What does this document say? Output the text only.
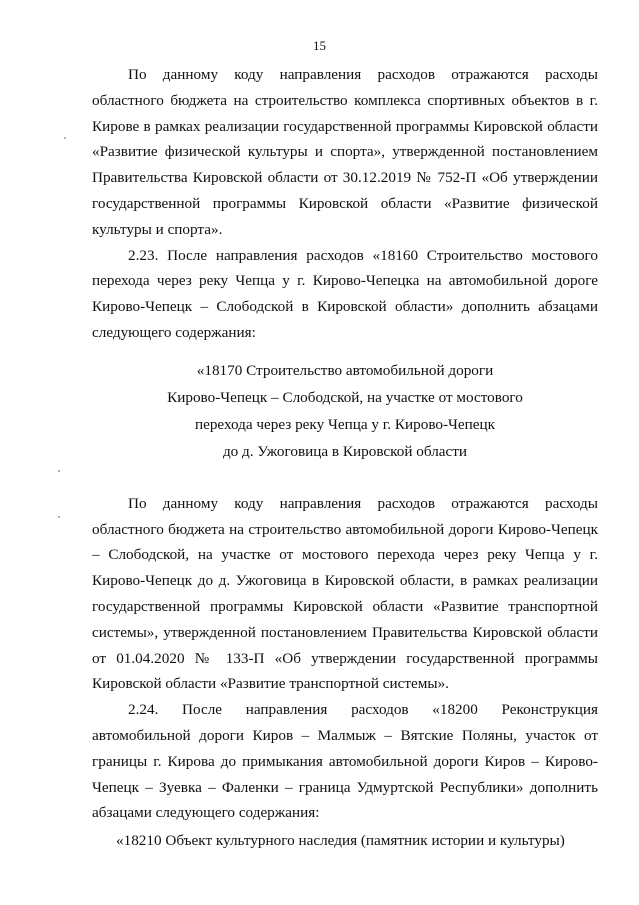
15

По данному коду направления расходов отражаются расходы областного бюджета на строительство комплекса спортивных объектов в г. Кирове в рамках реализации государственной программы Кировской области «Развитие физической культуры и спорта», утвержденной постановлением Правительства Кировской области от 30.12.2019 № 752-П «Об утверждении государственной программы Кировской области «Развитие физической культуры и спорта».

2.23. После направления расходов «18160 Строительство мостового перехода через реку Чепца у г. Кирово-Чепецка на автомобильной дороге Кирово-Чепецк – Слободской в Кировской области» дополнить абзацами следующего содержания:

«18170 Строительство автомобильной дороги
Кирово-Чепецк – Слободской, на участке от мостового
перехода через реку Чепца у г. Кирово-Чепецк
до д. Ужоговица в Кировской области

По данному коду направления расходов отражаются расходы областного бюджета на строительство автомобильной дороги Кирово-Чепецк – Слободской, на участке от мостового перехода через реку Чепца у г. Кирово-Чепецк до д. Ужоговица в Кировской области, в рамках реализации государственной программы Кировской области «Развитие транспортной системы», утвержденной постановлением Правительства Кировской области от 01.04.2020 № 133-П «Об утверждении государственной программы Кировской области «Развитие транспортной системы».

2.24. После направления расходов «18200 Реконструкция автомобильной дороги Киров – Малмыж – Вятские Поляны, участок от границы г. Кирова до примыкания автомобильной дороги Киров – Кирово-Чепецк – Зуевка – Фаленки – граница Удмуртской Республики» дополнить абзацами следующего содержания:

«18210 Объект культурного наследия (памятник истории и культуры)
